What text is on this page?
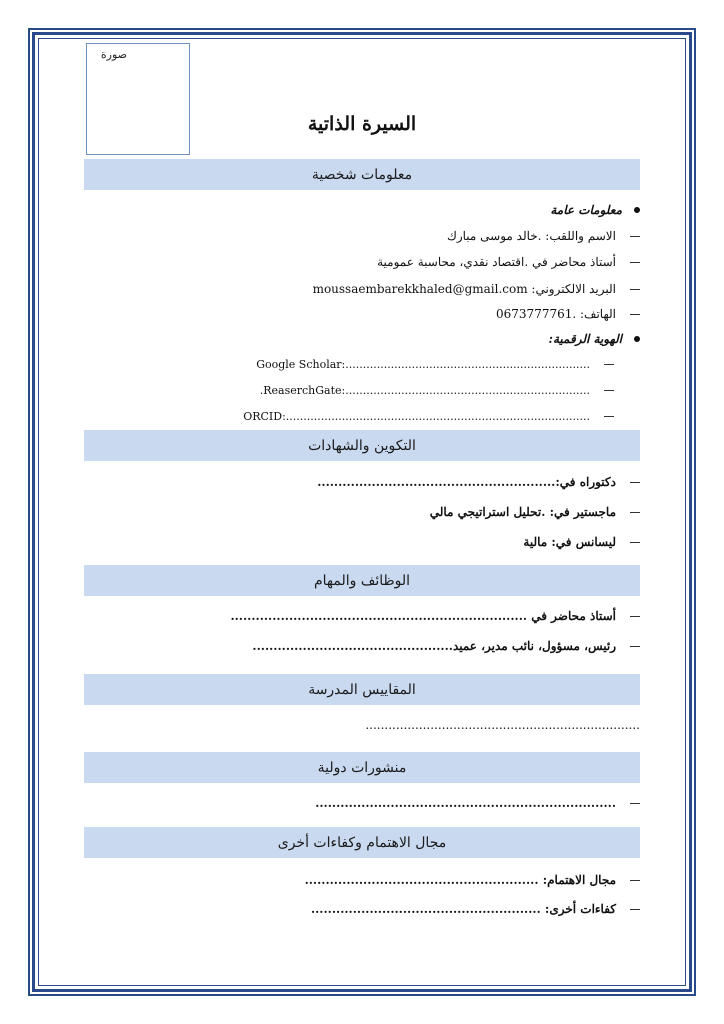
صورة
السيرة الذاتية
معلومات شخصية
معلومات عامة
الاسم واللقب: .خالد موسى مبارك
أستاذ محاضر في .اقتصاد نقدي، محاسبة عمومية
البريد الالكتروني: moussaembarekkhaled@gmail.com
الهاتف: .0673777761
الهوية الرقمية:
Google Scholar:......................................................................
.ReaserchGate:......................................................................
ORCID:.......................................................................................
التكوين والشهادات
دكتوراه في:.........................................................
ماجستير في: .تحليل استراتيجي مالي
ليسانس في: مالية
الوظائف والمهام
أستاذ محاضر في .......................................................................
رئيس، مسؤول، نائب مدير، عميد................................................
المقاييس المدرسة
........................................................................
منشورات دولية
........................................................................
مجال الاهتمام وكفاءات أخرى
مجال الاهتمام: ........................................................
كفاءات أخرى: .......................................................
